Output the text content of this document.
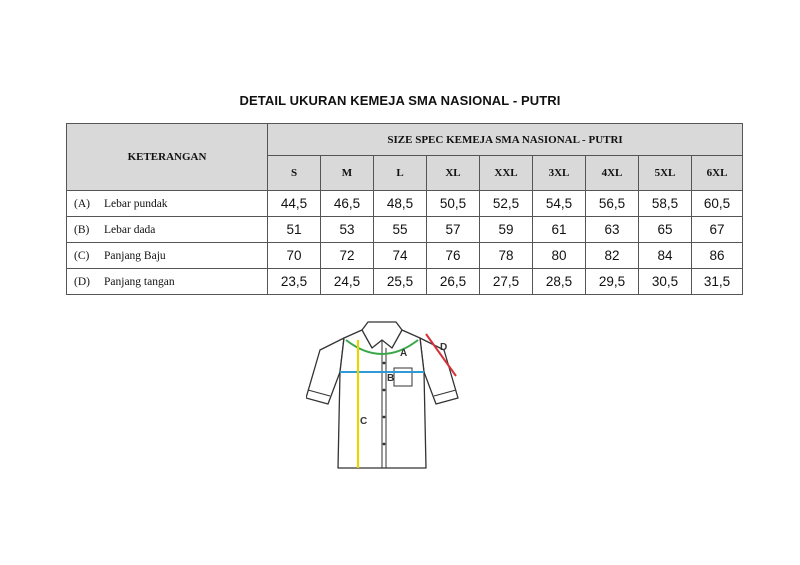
DETAIL UKURAN KEMEJA SMA NASIONAL - PUTRI
KETERANGAN	SIZE SPEC KEMEJA SMA NASIONAL - PUTRI								
	S	M	L	XL	XXL	3XL	4XL	5XL	6XL
(A) Lebar pundak	44,5	46,5	48,5	50,5	52,5	54,5	56,5	58,5	60,5
(B) Lebar dada	51	53	55	57	59	61	63	65	67
(C) Panjang Baju	70	72	74	76	78	80	82	84	86
(D) Panjang tangan	23,5	24,5	25,5	26,5	27,5	28,5	29,5	30,5	31,5
A
B
C
D
